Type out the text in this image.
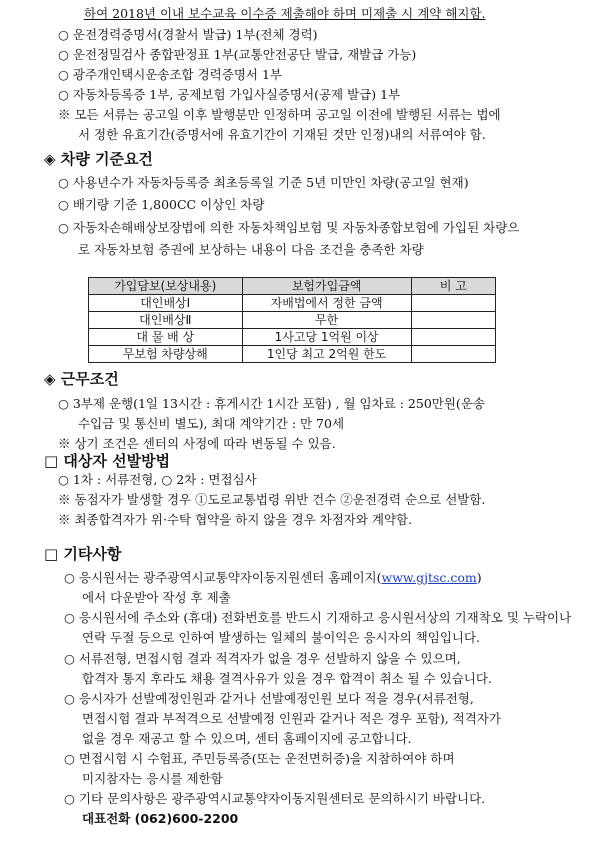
하여 2018년 이내 보수교육 이수증 제출해야 하며 미제출 시 계약 해지함.
○ 운전경력증명서(경찰서 발급) 1부(전체 경력)
○ 운전정밀검사 종합판정표 1부(교통안전공단 발급, 재발급 가능)
○ 광주개인택시운송조합 경력증명서 1부
○ 자동차등록증 1부, 공제보험 가입사실증명서(공제 발급) 1부
※ 모든 서류는 공고일 이후 발행분만 인정하며 공고일 이전에 발행된 서류는 법에
서 정한 유효기간(증명서에 유효기간이 기재된 것만 인정)내의 서류여야 함.
◈ 차량 기준요건
○ 사용년수가 자동차등록증 최초등록일 기준 5년 미만인 차량(공고일 현재)
○ 배기량 기준 1,800CC 이상인 차량
○ 자동차손해배상보장법에 의한 자동차책임보험 및 자동차종합보험에 가입된 차량으
로 자동차보험 증권에 보상하는 내용이 다음 조건을 충족한 차량
가입담보(보상내용)	보험가입금액	비 고
대인배상Ⅰ	자배법에서 정한 금액	
대인배상Ⅱ	무한	
대 물 배 상	1사고당 1억원 이상	
무보험 차량상해	1인당 최고 2억원 한도	
◈ 근무조건
○ 3부제 운행(1일 13시간 : 휴게시간 1시간 포함) , 월 임차료 : 250만원(운송
수입금 및 통신비 별도), 최대 계약기간 : 만 70세
※ 상기 조건은 센터의 사정에 따라 변동될 수 있음.
□ 대상자 선발방법
○ 1차 : 서류전형, ○ 2차 : 면접심사
※ 동점자가 발생할 경우 ①도로교통법령 위반 건수 ②운전경력 순으로 선발함.
※ 최종합격자가 위·수탁 협약을 하지 않을 경우 차점자와 계약함.
□ 기타사항
○ 응시원서는 광주광역시교통약자이동지원센터 홈페이지(www.gjtsc.com)
에서 다운받아 작성 후 제출
○ 응시원서에 주소와 (휴대) 전화번호를 반드시 기재하고 응시원서상의 기재착오 및 누락이나
연락 두절 등으로 인하여 발생하는 일체의 불이익은 응시자의 책임입니다.
○ 서류전형, 면접시험 결과 적격자가 없을 경우 선발하지 않을 수 있으며,
합격자 통지 후라도 채용 결격사유가 있을 경우 합격이 취소 될 수 있습니다.
○ 응시자가 선발예정인원과 같거나 선발예정인원 보다 적을 경우(서류전형,
면접시험 결과 부적격으로 선발예정 인원과 같거나 적은 경우 포함), 적격자가
없을 경우 재공고 할 수 있으며, 센터 홈페이지에 공고합니다.
○ 면접시험 시 수험표, 주민등록증(또는 운전면허증)을 지참하여야 하며
미지참자는 응시를 제한함
○ 기타 문의사항은 광주광역시교통약자이동지원센터로 문의하시기 바랍니다.
대표전화 (062)600-2200
